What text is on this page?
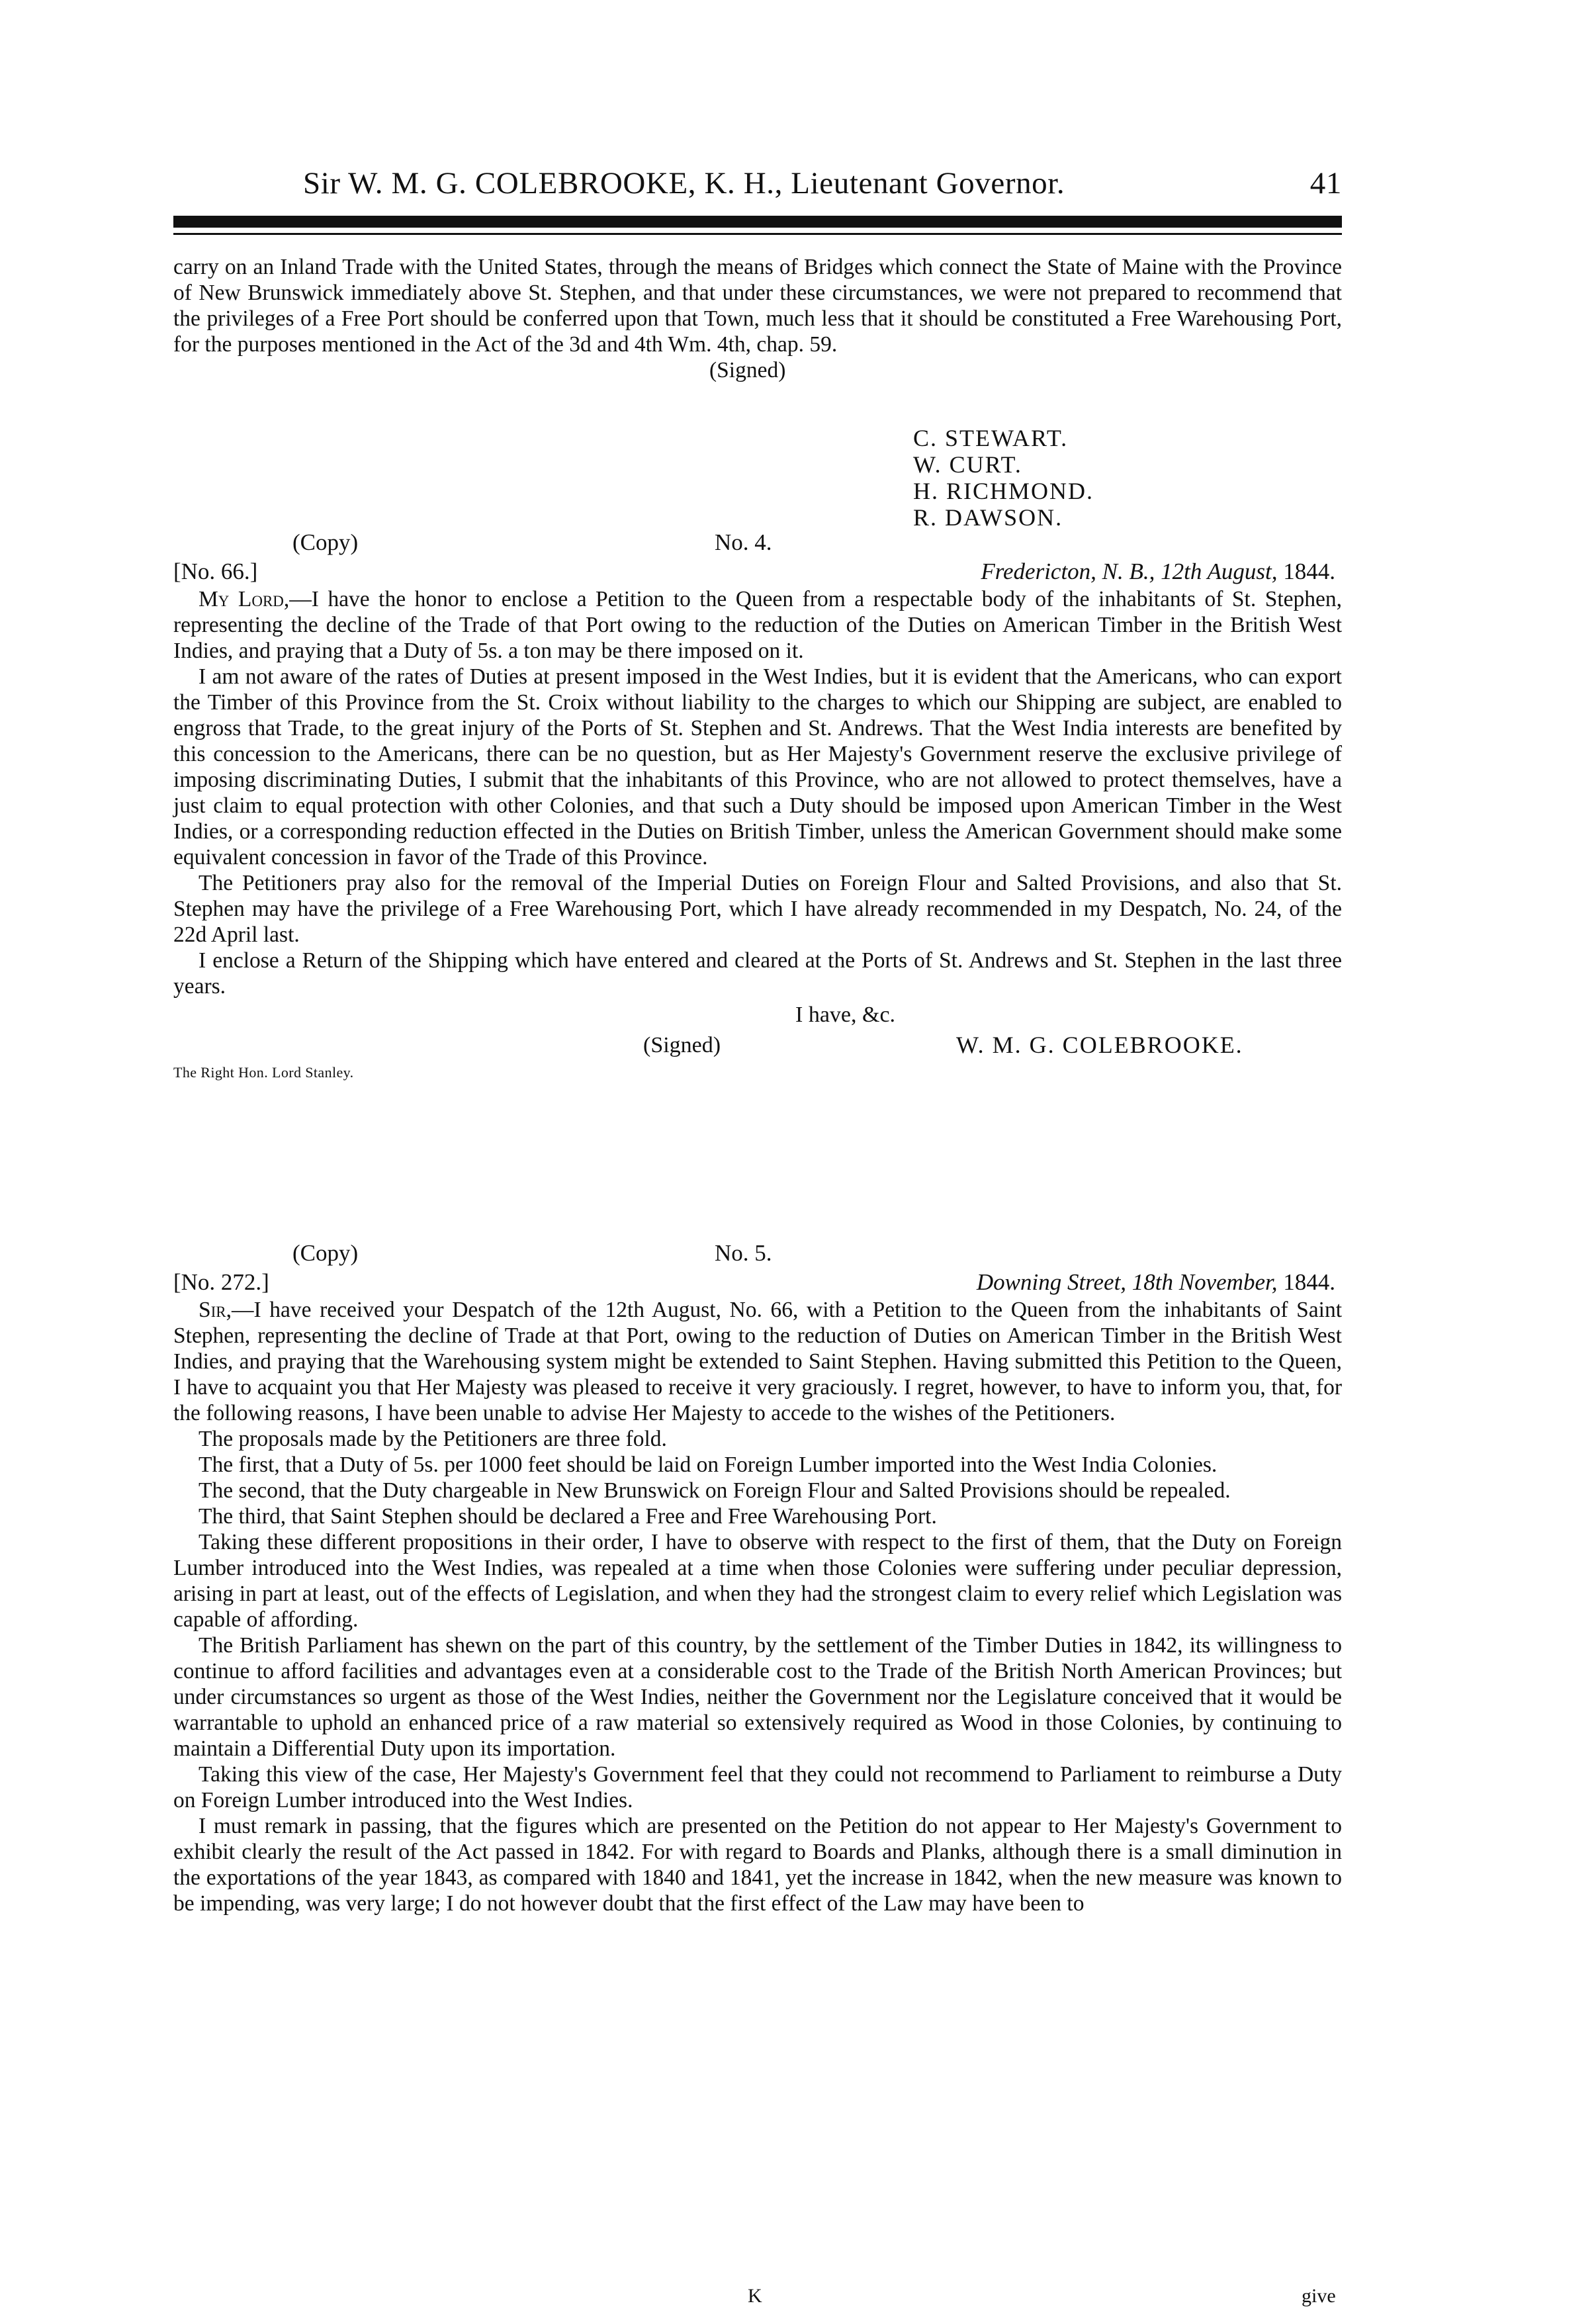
Sir W. M. G. COLEBROOKE, K. H., Lieutenant Governor.	41

carry on an Inland Trade with the United States, through the means of Bridges which connect the State of Maine with the Province of New Brunswick immediately above St. Stephen, and that under these circumstances, we were not prepared to recommend that the privileges of a Free Port should be conferred upon that Town, much less that it should be constituted a Free Warehousing Port, for the purposes mentioned in the Act of the 3d and 4th Wm. 4th, chap. 59.

(Signed)
C. STEWART.
W. CURT.
H. RICHMOND.
R. DAWSON.
(Copy)	No. 4.
[No. 66.]	Fredericton, N. B., 12th August, 1844.

My Lord,—I have the honor to enclose a Petition to the Queen from a respectable body of the inhabitants of St. Stephen, representing the decline of the Trade of that Port owing to the reduction of the Duties on American Timber in the British West Indies, and praying that a Duty of 5s. a ton may be there imposed on it.

I am not aware of the rates of Duties at present imposed in the West Indies, but it is evident that the Americans, who can export the Timber of this Province from the St. Croix without liability to the charges to which our Shipping are subject, are enabled to engross that Trade, to the great injury of the Ports of St. Stephen and St. Andrews. That the West India interests are benefited by this concession to the Americans, there can be no question, but as Her Majesty's Government reserve the exclusive privilege of imposing discriminating Duties, I submit that the inhabitants of this Province, who are not allowed to protect themselves, have a just claim to equal protection with other Colonies, and that such a Duty should be imposed upon American Timber in the West Indies, or a corresponding reduction effected in the Duties on British Timber, unless the American Government should make some equivalent concession in favor of the Trade of this Province.

The Petitioners pray also for the removal of the Imperial Duties on Foreign Flour and Salted Provisions, and also that St. Stephen may have the privilege of a Free Warehousing Port, which I have already recommended in my Despatch, No. 24, of the 22d April last.

I enclose a Return of the Shipping which have entered and cleared at the Ports of St. Andrews and St. Stephen in the last three years.

I have, &c.
(Signed)	W. M. G. COLEBROOKE.
The Right Hon. Lord Stanley.
(Copy)	No. 5.
[No. 272.]	Downing Street, 18th November, 1844.

Sir,—I have received your Despatch of the 12th August, No. 66, with a Petition to the Queen from the inhabitants of Saint Stephen, representing the decline of Trade at that Port, owing to the reduction of Duties on American Timber in the British West Indies, and praying that the Warehousing system might be extended to Saint Stephen. Having submitted this Petition to the Queen, I have to acquaint you that Her Majesty was pleased to receive it very graciously. I regret, however, to have to inform you, that, for the following reasons, I have been unable to advise Her Majesty to accede to the wishes of the Petitioners.

The proposals made by the Petitioners are three fold.

The first, that a Duty of 5s. per 1000 feet should be laid on Foreign Lumber imported into the West India Colonies.

The second, that the Duty chargeable in New Brunswick on Foreign Flour and Salted Provisions should be repealed.

The third, that Saint Stephen should be declared a Free and Free Warehousing Port.

Taking these different propositions in their order, I have to observe with respect to the first of them, that the Duty on Foreign Lumber introduced into the West Indies, was repealed at a time when those Colonies were suffering under peculiar depression, arising in part at least, out of the effects of Legislation, and when they had the strongest claim to every relief which Legislation was capable of affording.

The British Parliament has shewn on the part of this country, by the settlement of the Timber Duties in 1842, its willingness to continue to afford facilities and advantages even at a considerable cost to the Trade of the British North American Provinces; but under circumstances so urgent as those of the West Indies, neither the Government nor the Legislature conceived that it would be warrantable to uphold an enhanced price of a raw material so extensively required as Wood in those Colonies, by continuing to maintain a Differential Duty upon its importation.

Taking this view of the case, Her Majesty's Government feel that they could not recommend to Parliament to reimburse a Duty on Foreign Lumber introduced into the West Indies.

I must remark in passing, that the figures which are presented on the Petition do not appear to Her Majesty's Government to exhibit clearly the result of the Act passed in 1842. For with regard to Boards and Planks, although there is a small diminution in the exportations of the year 1843, as compared with 1840 and 1841, yet the increase in 1842, when the new measure was known to be impending, was very large; I do not however doubt that the first effect of the Law may have been to

K	give
